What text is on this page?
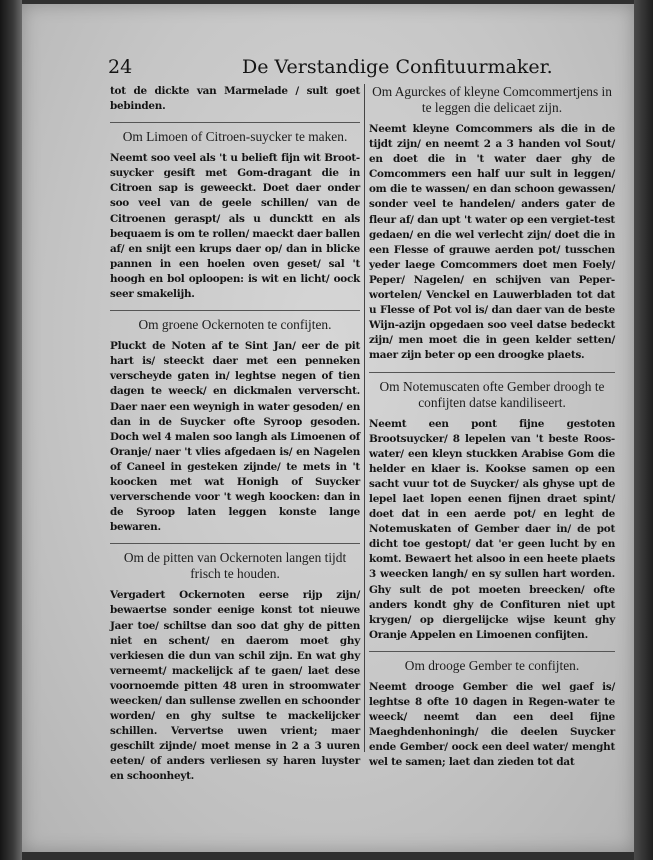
24	De Verstandige Confituurmaker.
tot de dickte van Marmelade / sult goet bebinden.
Om Limoen of Citroen-suycker te maken.
Neemt soo veel als 't u belieft fijn wit Broot-suycker gesift met Gom-dragant die in Citroen sap is geweeckt. Doet daer onder soo veel van de geele schillen/ van de Citroenen geraspt/ als u duncktt en als bequaem is om te rollen/ maeckt daer ballen af/ en snijt een krups daer op/ dan in blicke pannen in een hoelen oven geset/ sal 't hoogh en bol oploopen: is wit en licht/ oock seer smakelijh.
Om groene Ockernoten te confijten.
Pluckt de Noten af te Sint Jan/ eer de pit hart is/ steeckt daer met een penneken verscheyde gaten in/ leghtse negen of tien dagen te weeck/ en dickmalen ververscht. Daer naer een weynigh in water gesoden/ en dan in de Suycker ofte Syroop gesoden. Doch wel 4 malen soo langh als Limoenen of Oranje/ naer 't vlies afgedaen is/ en Nagelen of Caneel in gesteken zijnde/ te mets in 't koocken met wat Honigh of Suycker ververschende voor 't wegh koocken: dan in de Syroop laten leggen konste lange bewaren.
Om de pitten van Ockernoten langen tijdt frisch te houden.
Vergadert Ockernoten eerse rijp zijn/ bewaertse sonder eenige konst tot nieuwe Jaer toe/ schiltse dan soo dat ghy de pitten niet en schent/ en daerom moet ghy verkiesen die dun van schil zijn. En wat ghy verneemt/ mackelijck af te gaen/ laet dese voornoemde pitten 48 uren in stroomwater weecken/ dan sullense zwellen en schoonder worden/ en ghy sultse te mackelijcker schillen. Ververtse uwen vrient; maer geschilt zijnde/ moet mense in 2 a 3 uuren eeten/ of anders verliesen sy haren luyster en schoonheyt.
Om Agurckes of kleyne Comcommertjens in te leggen die delicaet zijn.
Neemt kleyne Comcommers als die in de tijdt zijn/ en neemt 2 a 3 handen vol Sout/ en doet die in 't water daer ghy de Comcommers een half uur sult in leggen/ om die te wassen/ en dan schoon gewassen/ sonder veel te handelen/ anders gater de fleur af/ dan upt 't water op een vergiet-test gedaen/ en die wel verlecht zijn/ doet die in een Flesse of grauwe aerden pot/ tusschen yeder laege Comcommers doet men Foely/ Peper/ Nagelen/ en schijven van Peper-wortelen/ Venckel en Lauwerbladen tot dat u Flesse of Pot vol is/ dan daer van de beste Wijn-azijn opgedaen soo veel datse bedeckt zijn/ men moet die in geen kelder setten/ maer zijn beter op een droogke plaets.
Om Notemuscaten ofte Gember droogh te confijten datse kandiliseert.
Neemt een pont fijne gestoten Brootsuycker/ 8 lepelen van 't beste Roos-water/ een kleyn stuckken Arabise Gom die helder en klaer is. Kookse samen op een sacht vuur tot de Suycker/ als ghyse upt de lepel laet lopen eenen fijnen draet spint/ doet dat in een aerde pot/ en leght de Notemuskaten of Gember daer in/ de pot dicht toe gestopt/ dat 'er geen lucht by en komt. Bewaert het alsoo in een heete plaets 3 weecken langh/ en sy sullen hart worden. Ghy sult de pot moeten breecken/ ofte anders kondt ghy de Confituren niet upt krygen/ op diergelijcke wijse keunt ghy Oranje Appelen en Limoenen confijten.
Om droogе Gember te confijten.
Neemt droogе Gember die wel gaef is/ leghtse 8 ofte 10 dagen in Regen-water te weeck/ neemt dan een deel fijne Maeghdenhoningh/ die deelen Suycker ende Gember/ oock een deel water/ menght wel te samen; laet dan zieden tot dat
